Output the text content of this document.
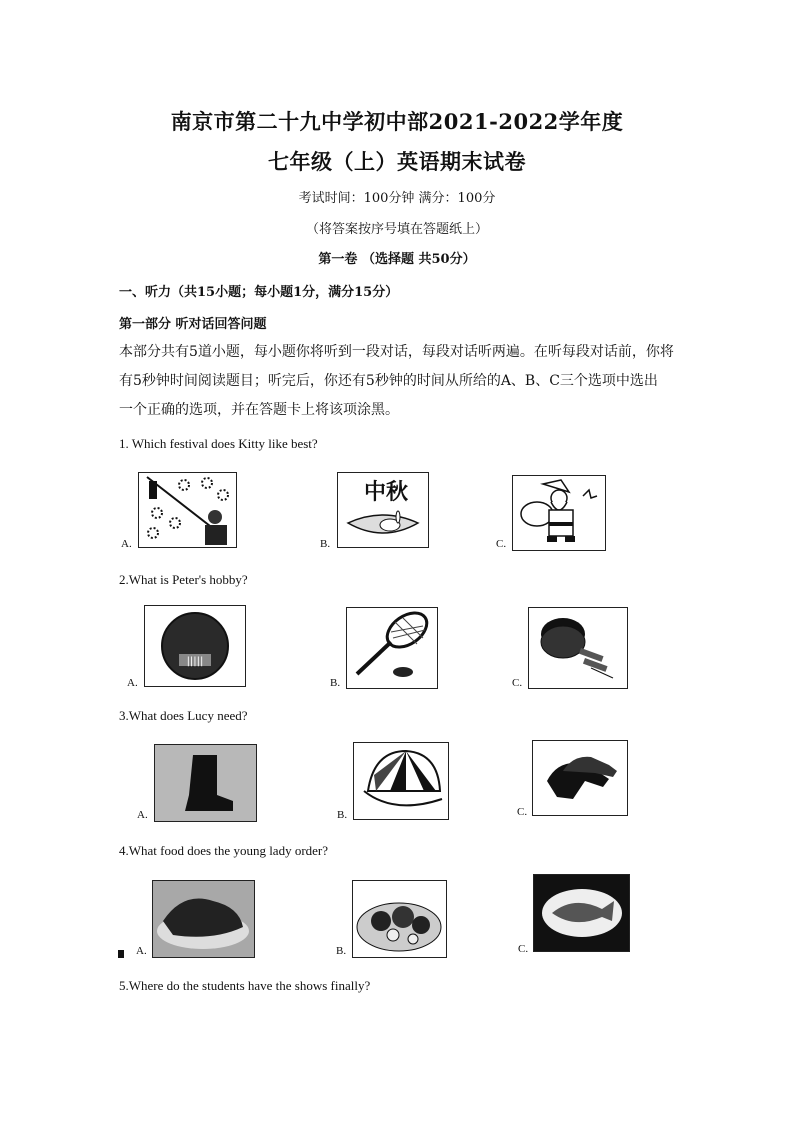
南京市第二十九中学初中部2021-2022学年度
七年级（上）英语期末试卷
考试时间：100分钟 满分：100分
（将答案按序号填在答题纸上）
第一卷 （选择题 共50分）
一、听力（共15小题；每小题1分，满分15分）
第一部分 听对话回答问题
本部分共有5道小题，每小题你将听到一段对话，每段对话听两遍。在听每段对话前，你将
有5秒钟时间阅读题目；听完后，你还有5秒钟的时间从所给的A、B、C三个选项中选出
一个正确的选项，并在答题卡上将该项涂黑。
1. Which festival does Kitty like best?
A.	B.
中秋
C.
2.What is Peter's hobby?
A.
|||||
B.	C.
3.What does Lucy need?
A.	B.	C.
4.What food does the young lady order?
A.	B.	C.
5.Where do the students have the shows finally?
